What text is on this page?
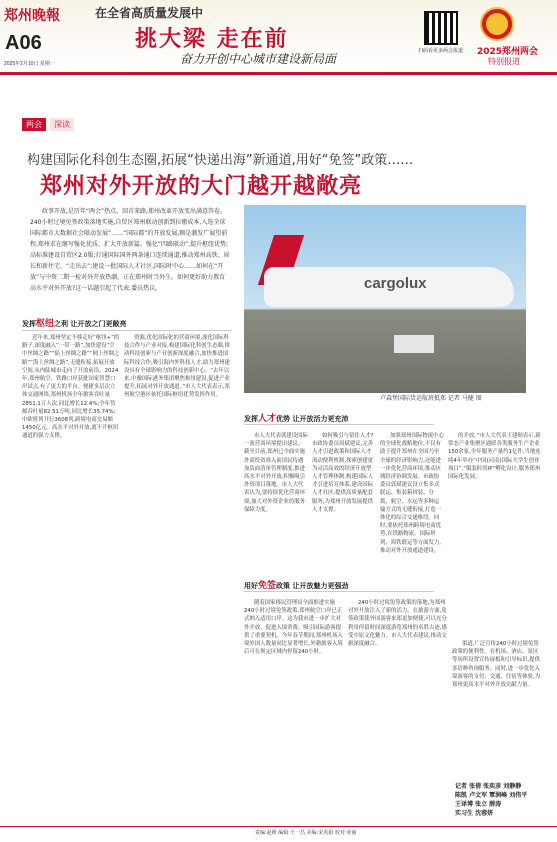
郑州晚報
A06
2025年2月10日 星期一
在全省高质量发展中
挑大梁 走在前
奋力开创中心城市建设新局面
扫码看更多两会报道	2025郑州两会
特别报道
两会	深读
构建国际化科创生态圈,拓展“快递出海”新通道,用好“免签”政策……
郑州对外开放的大门越开越敞亮
政事开放,是历年“两会”热点。回首来路,郑州改革开放变出满意答卷。240小时过境免签政策落地实施,自贸区郑州联动创新到拉搬成本,入选全球国际都市大数据社会联动发展“……“国际都”的开放发展,顺是潮发广展望前程,郑州求在继写强化优质、扩大开放新篇。强化“四路联动”,提升枢纽优势;高标准建设自贸区2.0版;打通国际国外两条通口连续通道;推动郑州高铁、犀长和新住宅、“走出去”;建设一批国际人才社区,国际时中心……如何在“开放”与中资二期一检对外开放热潮。正在郑州时当外生。如何更好助力教育高水平对外开放?这一话题引起了代表,委员热议。	cargolux
卢森堡国际货运航班抵郑 记者 马健 图
发挥枢纽之利 让开放之门更敞亮
近年来,郑州坚定不移走好“枢纽+”的路子,深度融入“一带一路”,加快建设“空中丝绸之路”“陆上丝绸之路”“网上丝绸之路”“海上丝绸之路”,无缝衔接,拓展开放空间,从内陆城市走向了开放前沿。2024年,郑州航空、铁路口岸获批国家智慧口岸试点,有了更大的平台。便捷多层次立体交通网络,郑州机场全年旅客吞吐量2851.1万人次,同比增长12.4%;全年货邮吞吐量82.51万吨,同比增长35.74%;中欧班列开行3608列,跨境电商交易额1450亿元。高水平对外开放,离不开枢纽通道的强力支撑。
资源,优化国际化的营商环境,深化国际科技合作与产业对接,构建国际化科创生态圈,推动科技创新与产业创新深度融合,加快推进国际科技合作,吸引海内外科技人才,助力郑州建设具有全球影响力的科技创新中心。“去年以来,中豫国际港务集团聚焦枢纽建设,促进产业提升,拓展对外开放通道。”市人大代表表示,郑州航空港区依托国际枢纽优势发挥作用。
发挥人才优势 让开放活力更充沛
市人大代表就建设国际一流营商环境提出建议。截至目前,郑州已全面实施外商投资准入前国民待遇加负面清单管理制度,推进高水平对外开放,积极吸引外资项目落地。市人大代表认为,要持续优化营商环境,加大对外资企业的服务保障力度。
如何吸引与留住人才?市政协委员周斌建议,完善人才引进政策和国际人才流动便利机制,探索创建更为灵活高效的经济开放型人才管理体制,构建国际人才引进培育体系,建设国际人才社区,提供高质量配套服务,为郑州开放发展提供人才支撑。
加强郑州国际物流中心的全球化战略地位,不仅有助于提升郑州在全国乃至全球的经济影响力,还能进一步优化营商环境,推动区域经济协调发展。市政协委员郭斌建议设立集多式联运、集装箱拼装、分拨、航空、水运等多种运输方式的无缝衔接,打造一体化的综合交通枢纽。同时,要依托郑州跨境电商优势,在铁路物流、国际班列、海铁联运等方面发力,推动对外开放通道建设。
的开放。”市人大代表王建勋表示,新常态产业集聚区通联各类服务生产企业150余家,全年服务产量约1亿件,当地连续4年举办“中国(河南)国际大学生创业项目”,“服装时尚IP”孵化设计,服务郑州国际化发展。
用好免签政策 让开放魅力更强劲
随着国家移民管理局全面推进实施240小时过境免签政策,郑州航空口岸已正式纳入适用口岸。这为我市进一步扩大对外开放、促进入境消费、吸引国际游客提供了重要契机。今年春节期间,郑州机场入境外国人数量同比显著增长,外籍旅客入境后可在规定区域内停留240小时。
240小时过境免签政策的落地,为郑州对外开放注入了新的活力。在旅游方面,免签政策使外国游客来郑更加便捷,可以充分利用停留时间深度游览郑州的名胜古迹,感受中原文化魅力。市人大代表建议,推动文旅深度融合。	渠道,广泛宣传240小时过境免签政策的便利性。在机场、酒店、景区等场所设置宣传展板和引导标识,提供多语种咨询服务。同时,进一步优化入境游客的支付、交通、住宿等体验,为郑州更高水平对外开放贡献力量。
记者 张倩 张奕彦 刘静静
陈凯 卢文军 覃润峰 刘伟平
王译博 张立 薛涛
实习生 沈蓉妍
责编:赵媛 编辑:王一昌 美编:宋英娟 校对:亚丽
